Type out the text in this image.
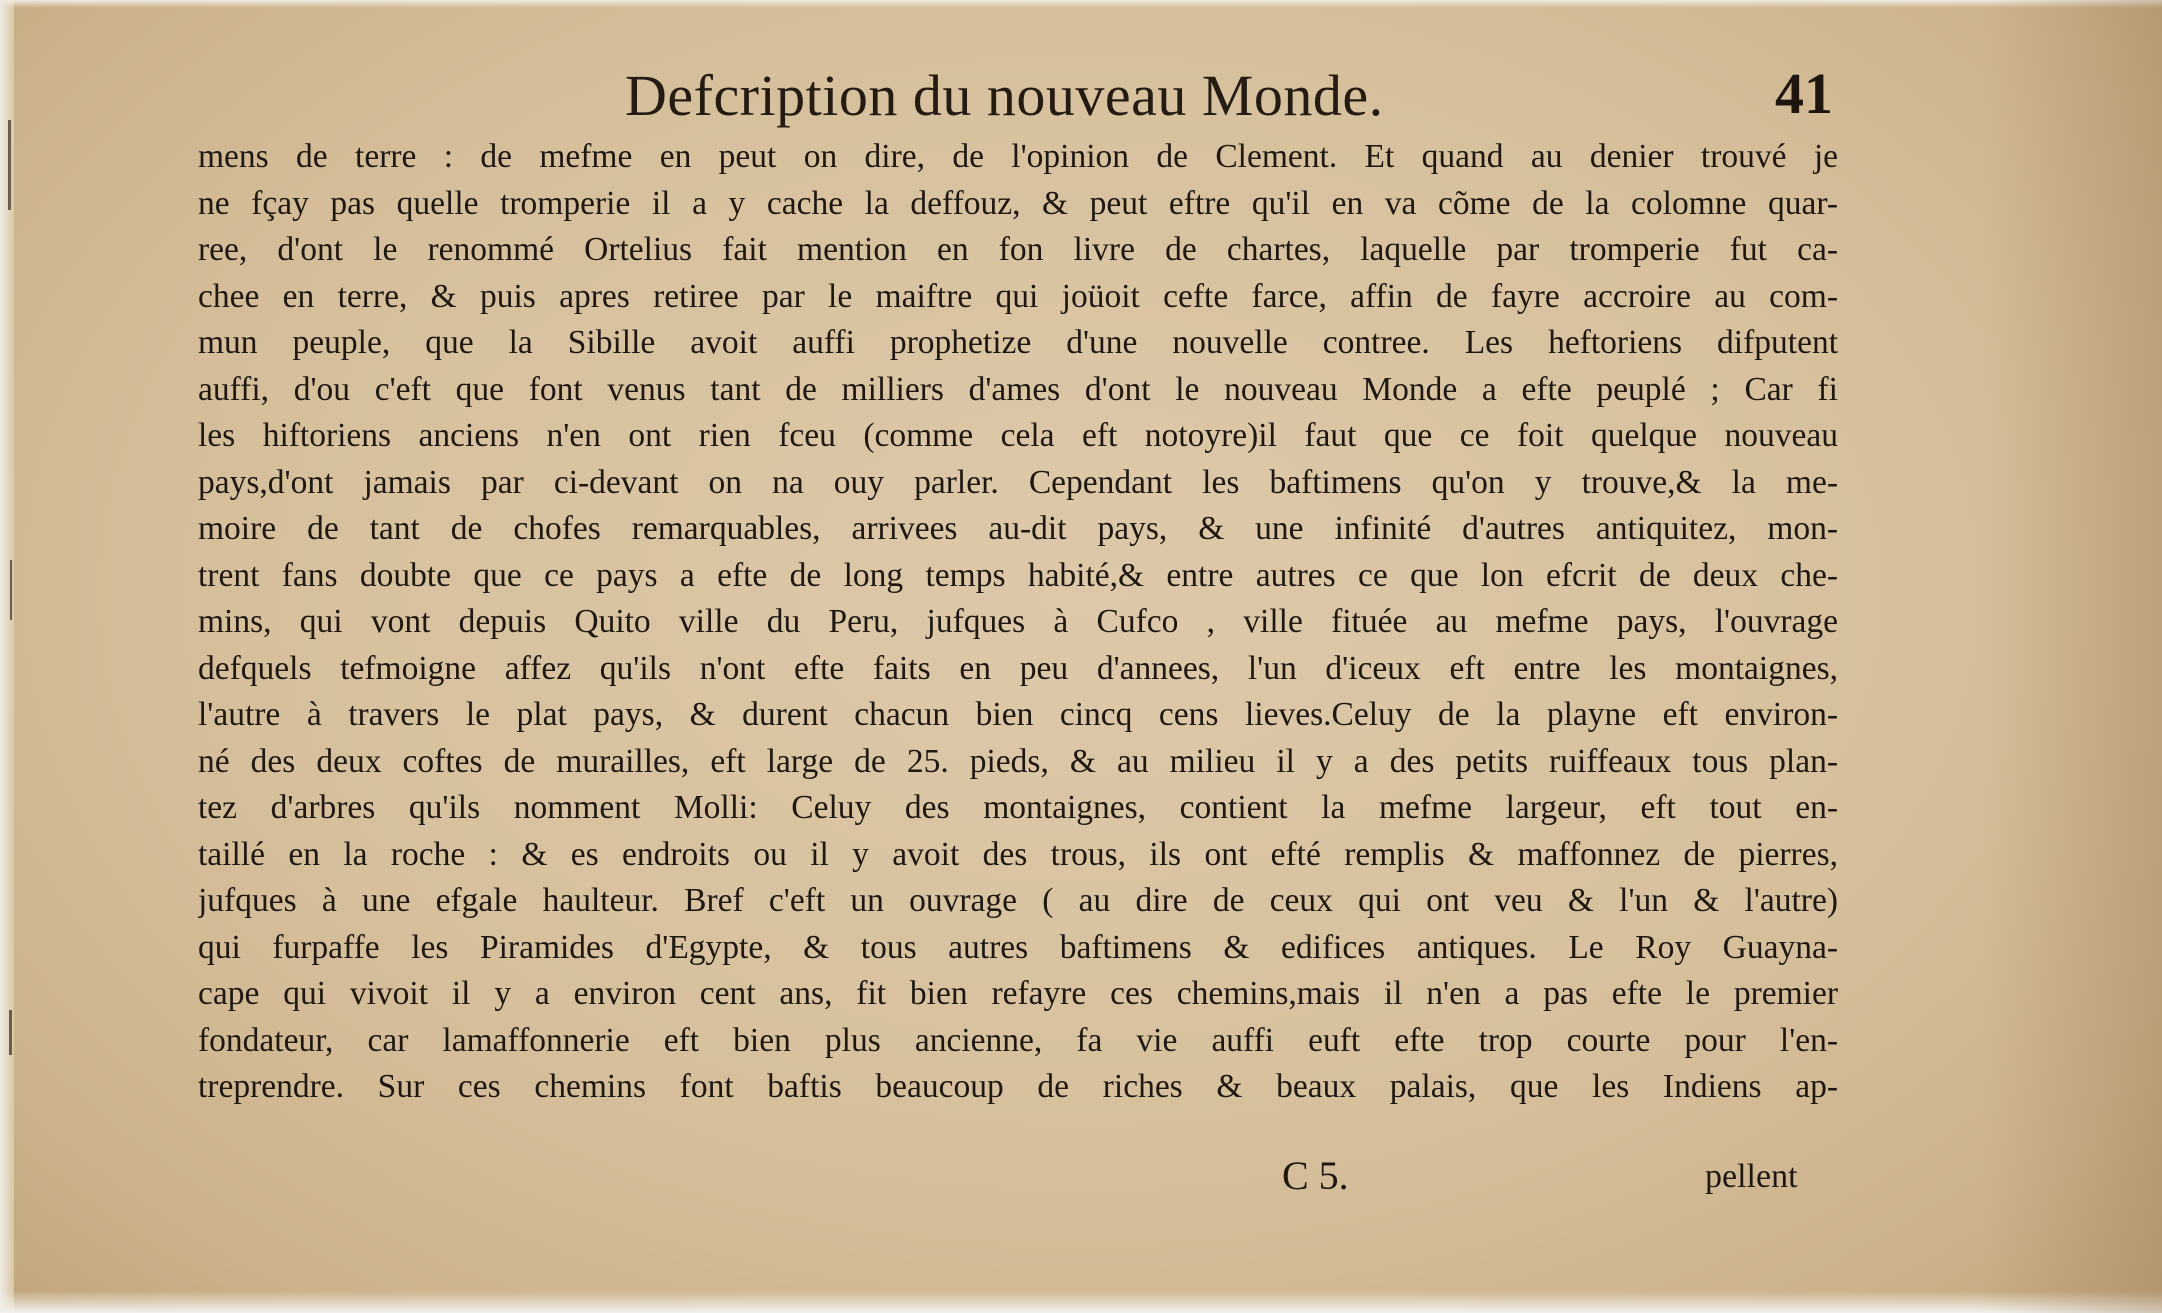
Defcription du nouveau Monde.	41
mens de terre : de mefme en peut on dire, de l'opinion de Clement. Et quand au denier trouvé je
ne fçay pas quelle tromperie il a y cache la deffouz, & peut eftre qu'il en va cõme de la colomne quar-
ree, d'ont le renommé Ortelius fait mention en fon livre de chartes, laquelle par tromperie fut ca-
chee en terre, & puis apres retiree par le maiftre qui joüoit cefte farce, affin de fayre accroire au com-
mun peuple, que la Sibille avoit auffi prophetize d'une nouvelle contree. Les heftoriens difputent
auffi, d'ou c'eft que font venus tant de milliers d'ames d'ont le nouveau Monde a efte peuplé ; Car fi
les hiftoriens anciens n'en ont rien fceu (comme cela eft notoyre)il faut que ce foit quelque nouveau
pays,d'ont jamais par ci-devant on na ouy parler. Cependant les baftimens qu'on y trouve,& la me-
moire de tant de chofes remarquables, arrivees au-dit pays, & une infinité d'autres antiquitez, mon-
trent fans doubte que ce pays a efte de long temps habité,& entre autres ce que lon efcrit de deux che-
mins, qui vont depuis Quito ville du Peru, jufques à Cufco , ville fituée au mefme pays, l'ouvrage
defquels tefmoigne affez qu'ils n'ont efte faits en peu d'annees, l'un d'iceux eft entre les montaignes,
l'autre à travers le plat pays, & durent chacun bien cincq cens lieves.Celuy de la playne eft environ-
né des deux coftes de murailles, eft large de 25. pieds, & au milieu il y a des petits ruiffeaux tous plan-
tez d'arbres qu'ils nomment Molli: Celuy des montaignes, contient la mefme largeur, eft tout en-
taillé en la roche : & es endroits ou il y avoit des trous, ils ont efté remplis & maffonnez de pierres,
jufques à une efgale haulteur. Bref c'eft un ouvrage ( au dire de ceux qui ont veu & l'un & l'autre)
qui furpaffe les Piramides d'Egypte, & tous autres baftimens & edifices antiques. Le Roy Guayna-
cape qui vivoit il y a environ cent ans, fit bien refayre ces chemins,mais il n'en a pas efte le premier
fondateur, car lamaffonnerie eft bien plus ancienne, fa vie auffi euft efte trop courte pour l'en-
treprendre. Sur ces chemins font baftis beaucoup de riches & beaux palais, que les Indiens ap-
C 5.	pellent
